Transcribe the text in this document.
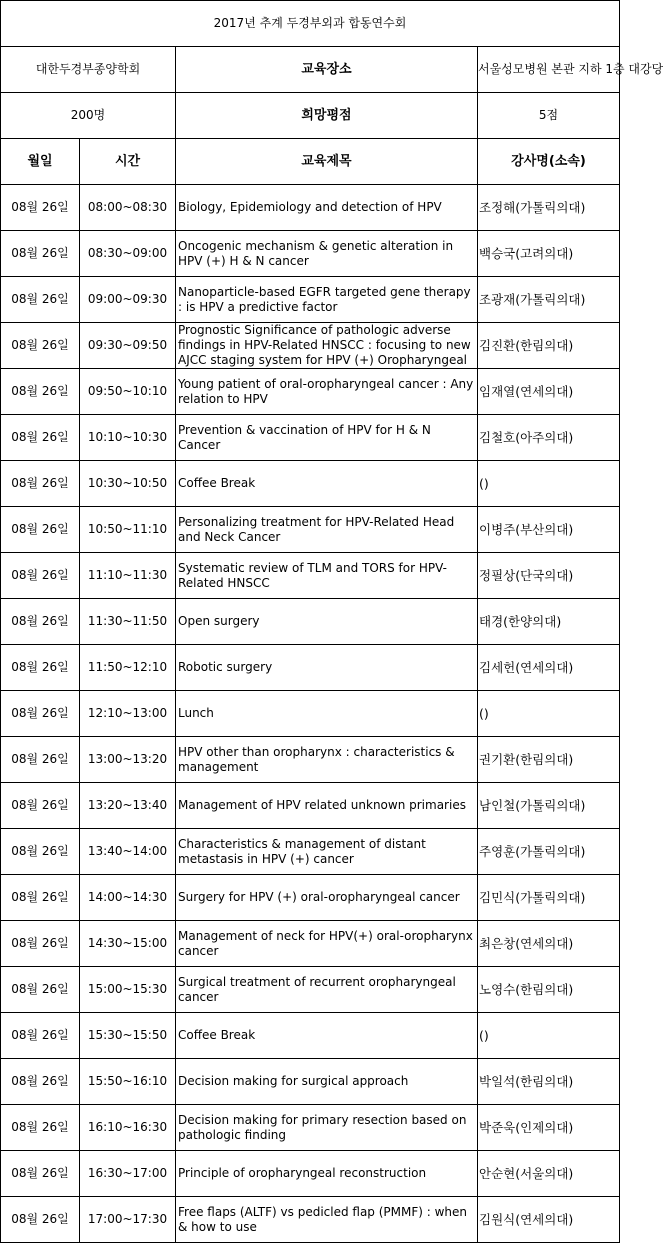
2017년 추계 두경부외과 합동연수회			
대한두경부종양학회		교육장소	서울성모병원 본관 지하 1층 대강당
200명		희망평점	5점
월일	시간	교육제목	강사명(소속)

08월 26일	08:00~08:30	Biology, Epidemiology and detection of HPV	조정해(가톨릭의대)

08월 26일	08:30~09:00	Oncogenic mechanism & genetic alteration in HPV (+) H & N cancer	백승국(고려의대)

08월 26일	09:00~09:30	Nanoparticle-based EGFR targeted gene therapy : is HPV a predictive factor	조광재(가톨릭의대)

08월 26일	09:30~09:50	Prognostic Significance of pathologic adverse findings in HPV-Related HNSCC : focusing to new AJCC staging system for HPV (+) Oropharyngeal	김진환(한림의대)

08월 26일	09:50~10:10	Young patient of oral-oropharyngeal cancer : Any relation to HPV	임재열(연세의대)

08월 26일	10:10~10:30	Prevention & vaccination of HPV for H & N Cancer	김철호(아주의대)

08월 26일	10:30~10:50	Coffee Break	()

08월 26일	10:50~11:10	Personalizing treatment for HPV-Related Head and Neck Cancer	이병주(부산의대)

08월 26일	11:10~11:30	Systematic review of TLM and TORS for HPV-Related HNSCC	정필상(단국의대)

08월 26일	11:30~11:50	Open surgery	태경(한양의대)

08월 26일	11:50~12:10	Robotic surgery	김세헌(연세의대)

08월 26일	12:10~13:00	Lunch	()

08월 26일	13:00~13:20	HPV other than oropharynx : characteristics & management	권기환(한림의대)

08월 26일	13:20~13:40	Management of HPV related unknown primaries	남인철(가톨릭의대)

08월 26일	13:40~14:00	Characteristics & management of distant metastasis in HPV (+) cancer	주영훈(가톨릭의대)

08월 26일	14:00~14:30	Surgery for HPV (+) oral-oropharyngeal cancer	김민식(가톨릭의대)

08월 26일	14:30~15:00	Management of neck for HPV(+) oral-oropharynx cancer	최은창(연세의대)

08월 26일	15:00~15:30	Surgical treatment of recurrent oropharyngeal cancer	노영수(한림의대)

08월 26일	15:30~15:50	Coffee Break	()

08월 26일	15:50~16:10	Decision making for surgical approach	박일석(한림의대)

08월 26일	16:10~16:30	Decision making for primary resection based on pathologic finding	박준욱(인제의대)

08월 26일	16:30~17:00	Principle of oropharyngeal reconstruction	안순현(서울의대)

08월 26일	17:00~17:30	Free flaps (ALTF) vs pedicled flap (PMMF) : when & how to use	김원식(연세의대)
